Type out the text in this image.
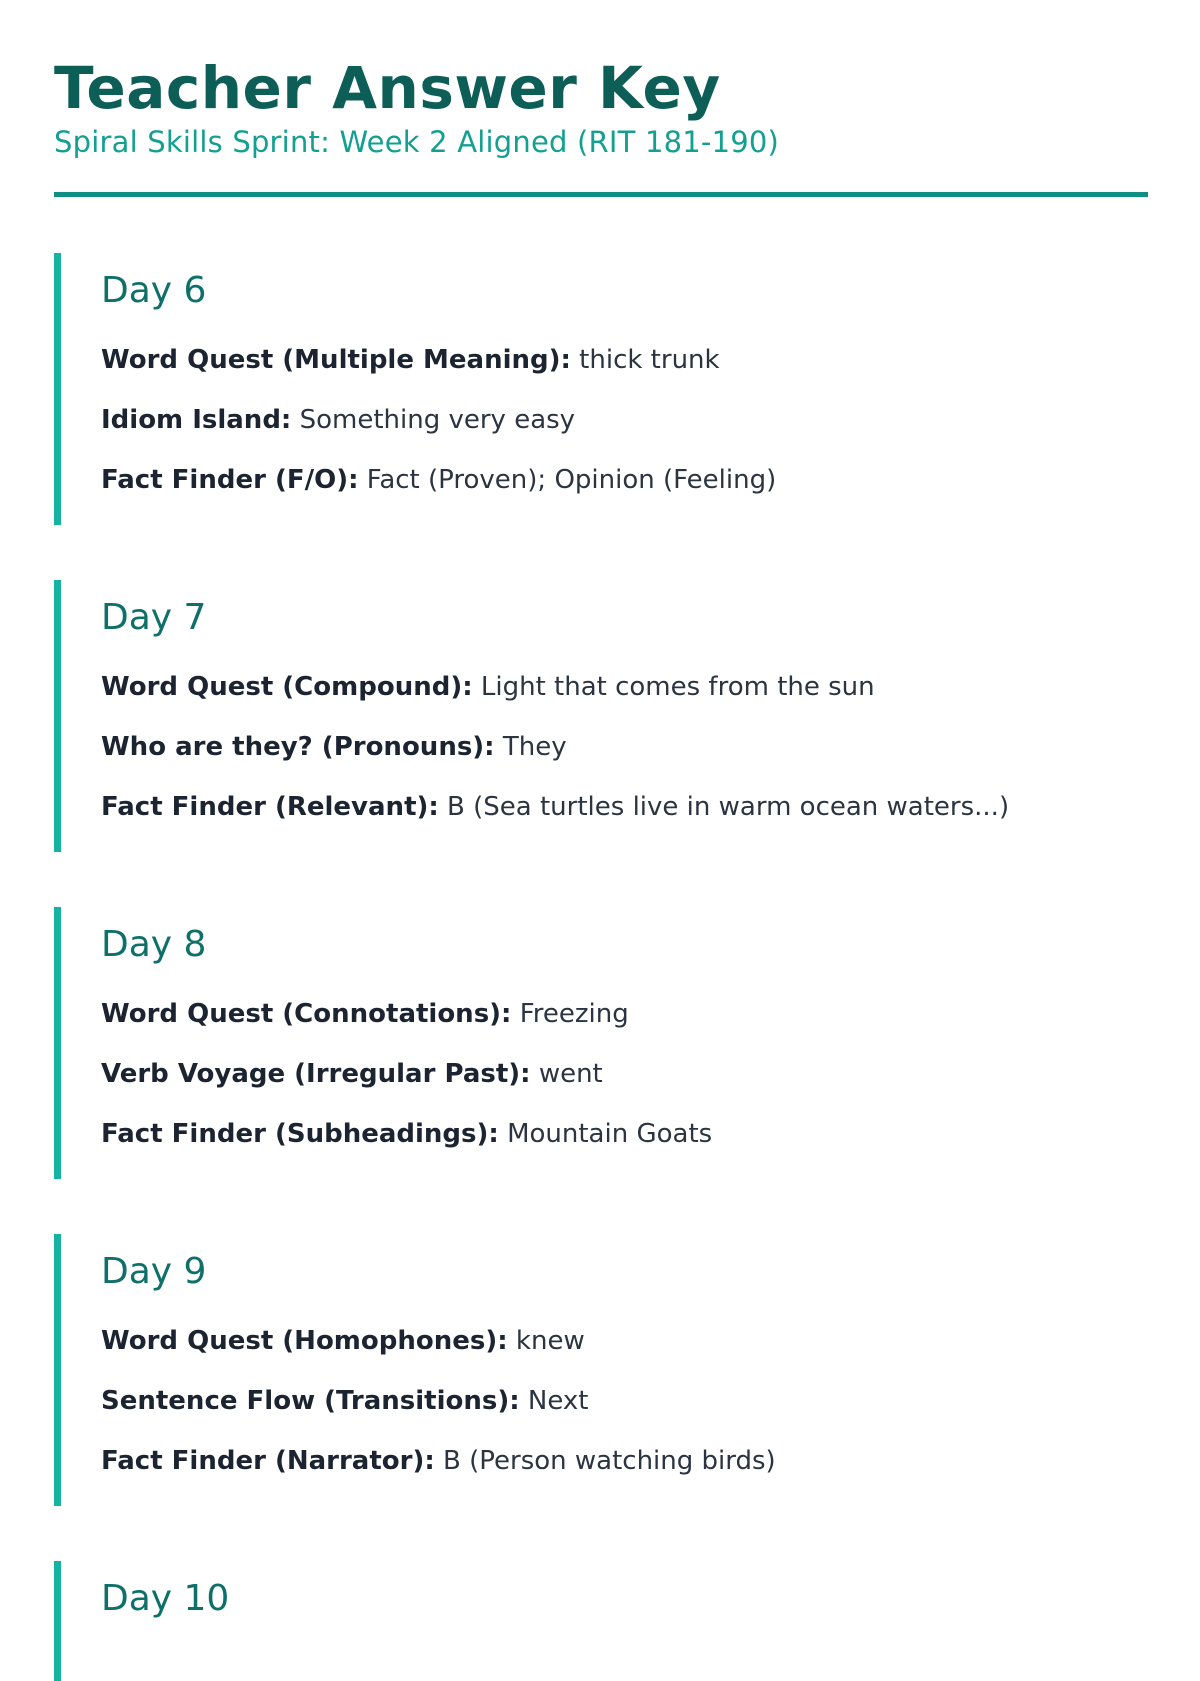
Teacher Answer Key

Spiral Skills Sprint: Week 2 Aligned (RIT 181-190)

Day 6

Word Quest (Multiple Meaning): thick trunk

Idiom Island: Something very easy

Fact Finder (F/O): Fact (Proven); Opinion (Feeling)

Day 7

Word Quest (Compound): Light that comes from the sun

Who are they? (Pronouns): They

Fact Finder (Relevant): B (Sea turtles live in warm ocean waters...)

Day 8

Word Quest (Connotations): Freezing

Verb Voyage (Irregular Past): went

Fact Finder (Subheadings): Mountain Goats

Day 9

Word Quest (Homophones): knew

Sentence Flow (Transitions): Next

Fact Finder (Narrator): B (Person watching birds)

Day 10
